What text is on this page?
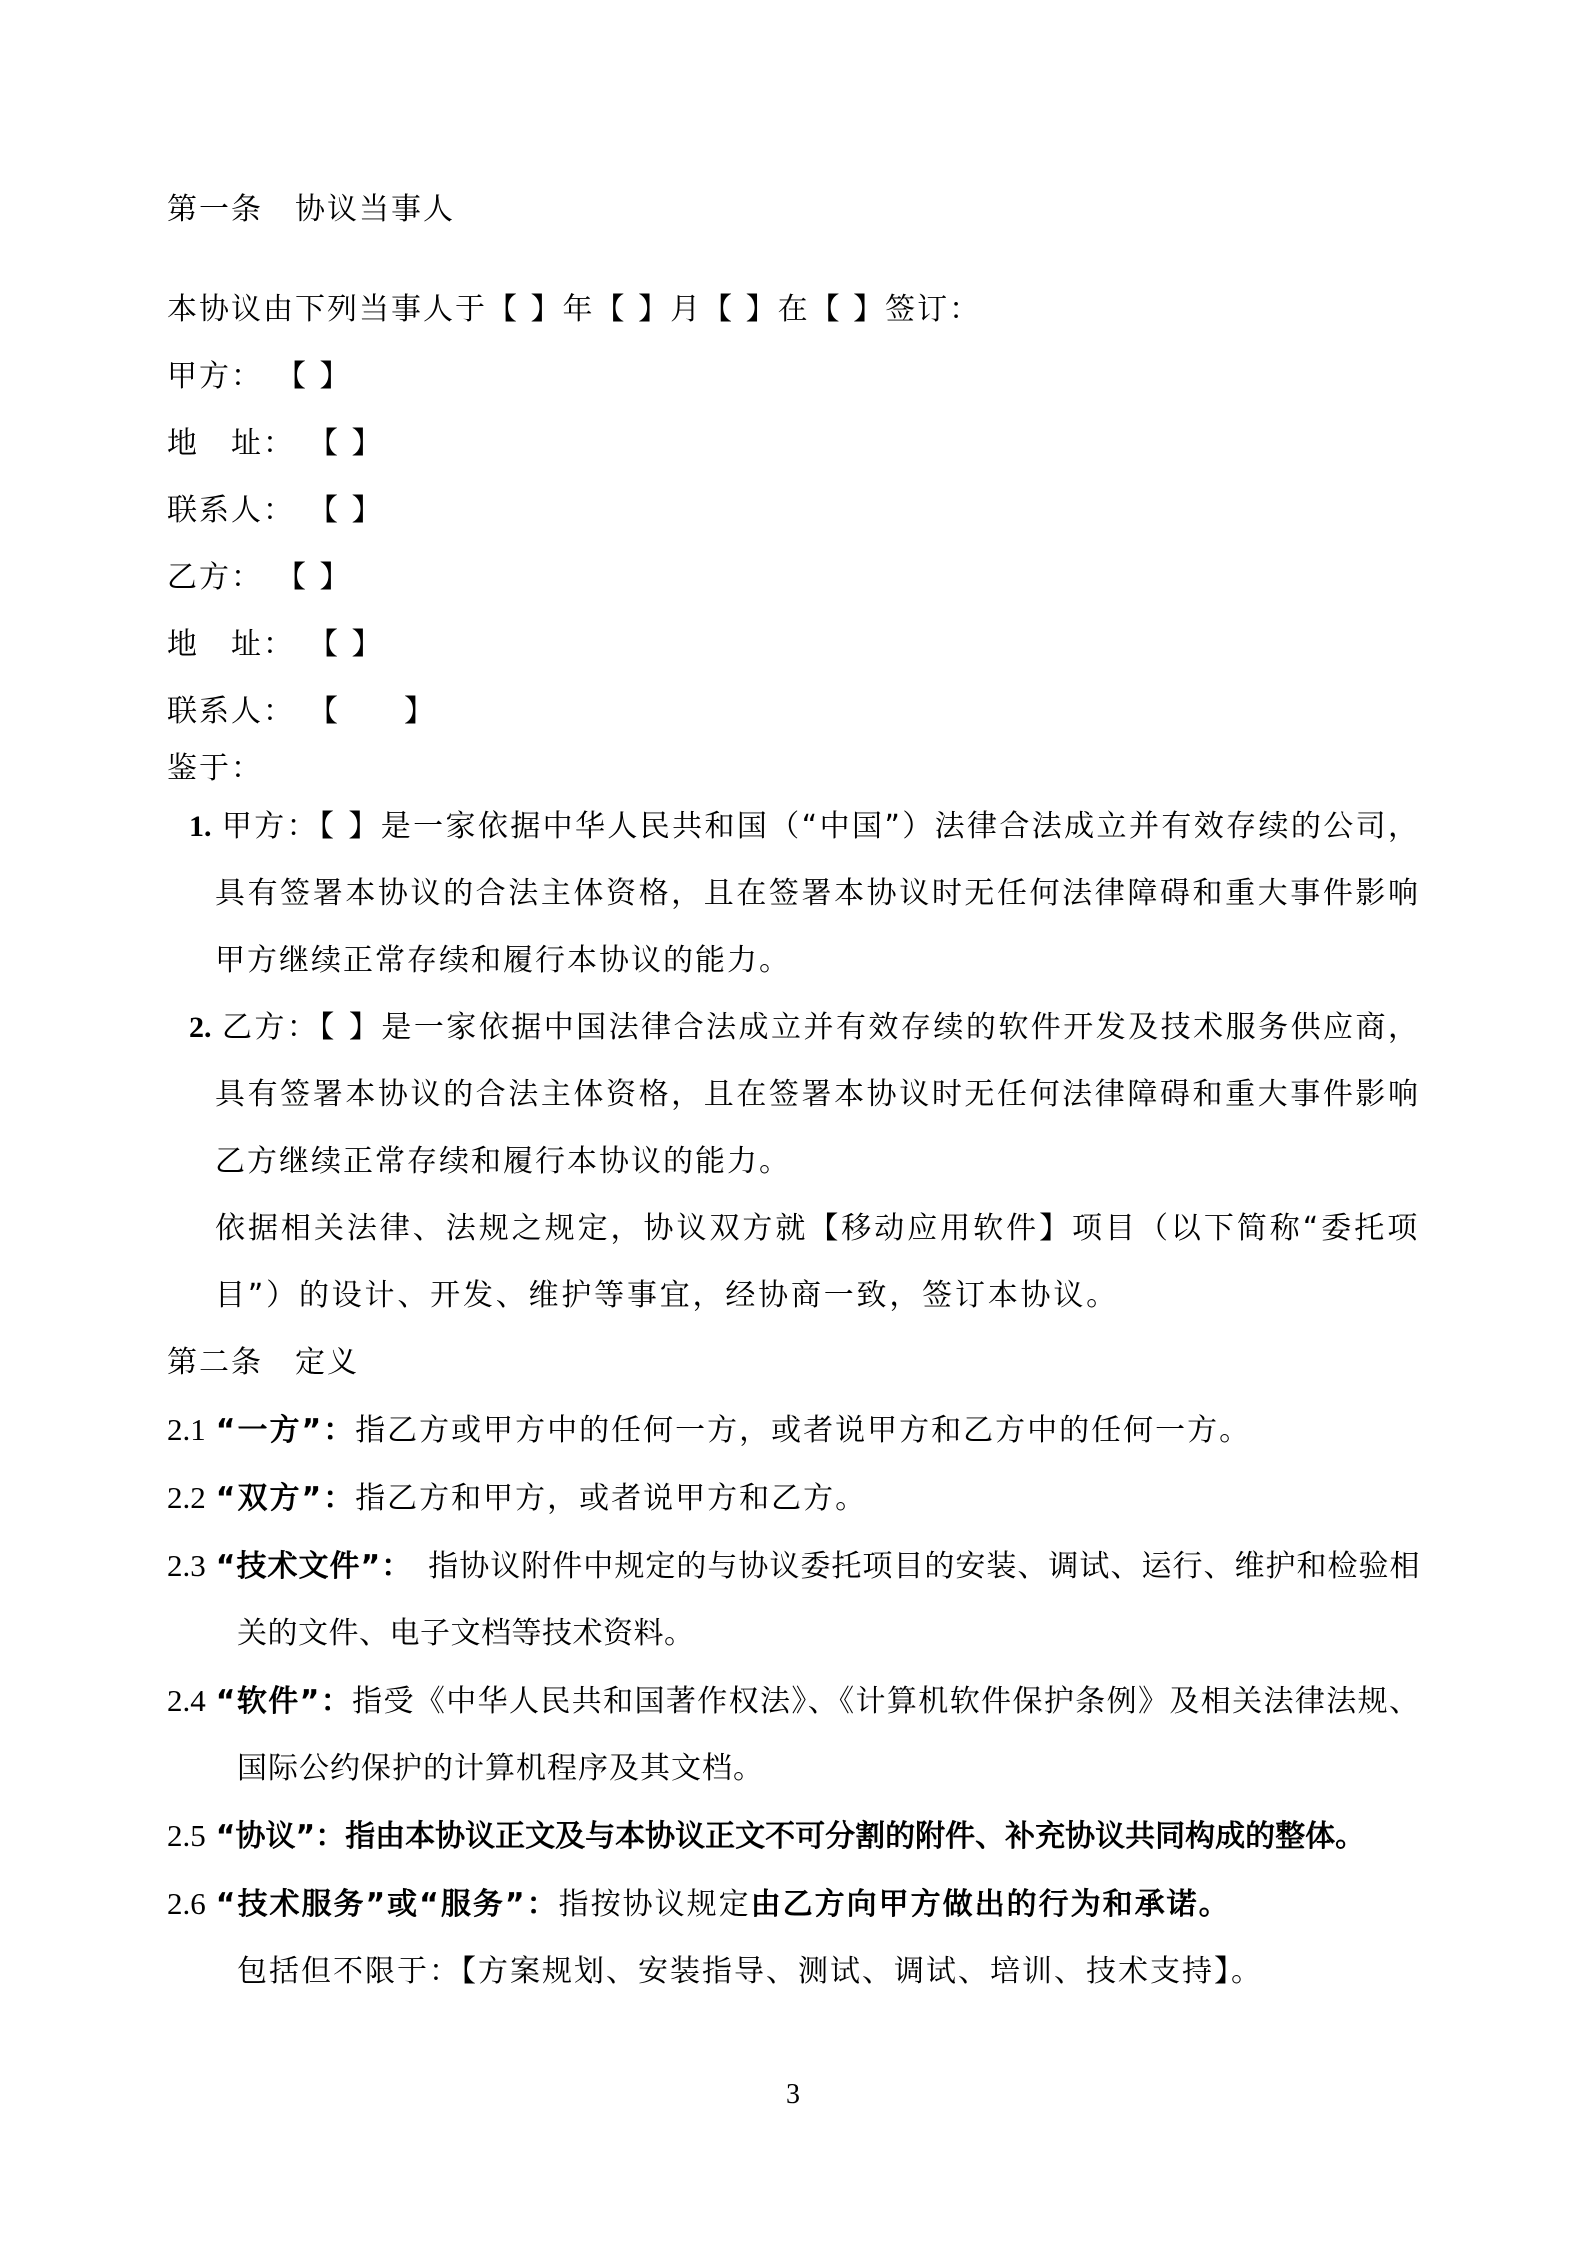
第一条　协议当事人

本协议由下列当事人于【 】年【 】月【 】在【 】签订：

甲方： 【 】

地　址： 【 】

联系人： 【 】

乙方： 【 】

地　址： 【 】

联系人： 【　　】

鉴于：

1. 甲方：【 】是一家依据中华人民共和国（“中国”）法律合法成立并有效存续的公司，具有签署本协议的合法主体资格，且在签署本协议时无任何法律障碍和重大事件影响甲方继续正常存续和履行本协议的能力。
2. 乙方：【 】是一家依据中国法律合法成立并有效存续的软件开发及技术服务供应商，具有签署本协议的合法主体资格，且在签署本协议时无任何法律障碍和重大事件影响乙方继续正常存续和履行本协议的能力。

依据相关法律、法规之规定，协议双方就【移动应用软件】项目（以下简称“委托项目”）的设计、开发、维护等事宜，经协商一致，签订本协议。

第二条　定义
2.1 “一方”：指乙方或甲方中的任何一方，或者说甲方和乙方中的任何一方。
2.2 “双方”：指乙方和甲方，或者说甲方和乙方。
2.3 “技术文件”：　指协议附件中规定的与协议委托项目的安装、调试、运行、维护和检验相关的文件、电子文档等技术资料。
2.4 “软件”：指受《中华人民共和国著作权法》、《计算机软件保护条例》及相关法律法规、国际公约保护的计算机程序及其文档。
2.5 “协议”：指由本协议正文及与本协议正文不可分割的附件、补充协议共同构成的整体。
2.6 “技术服务”或“服务”：指按协议规定由乙方向甲方做出的行为和承诺。
包括但不限于：【方案规划、安装指导、测试、调试、培训、技术支持】。
3
